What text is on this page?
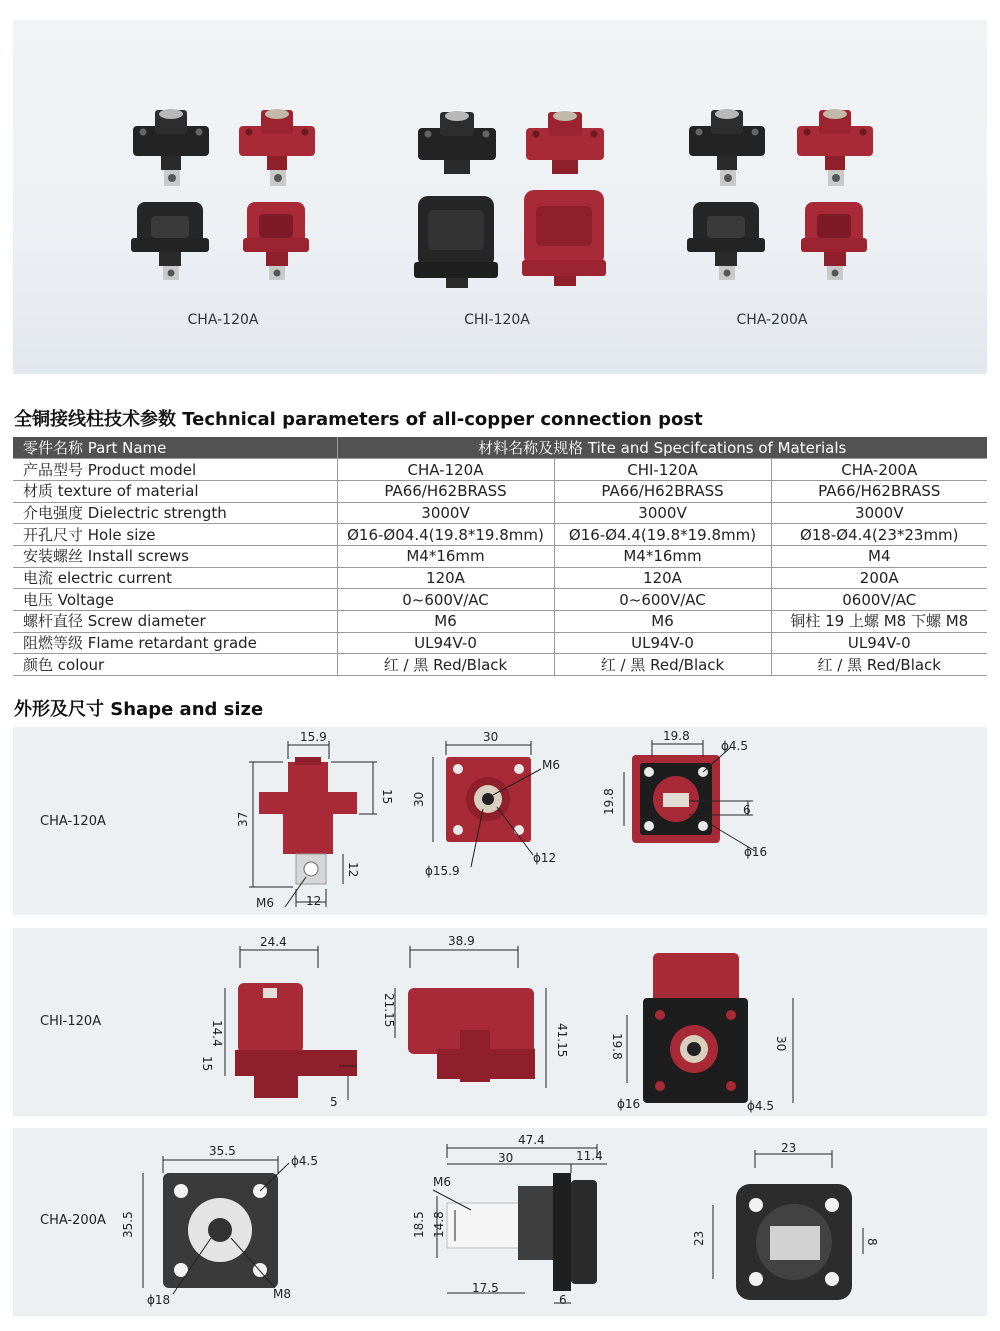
CHA-120A	CHI-120A	CHA-200A
全铜接线柱技术参数 Technical parameters of all-copper connection post
零件名称 Part Name	材料名称及规格 Tite and Specifcations of Materials		
产品型号 Product model	CHA-120A	CHI-120A	CHA-200A
材质 texture of material	PA66/H62BRASS	PA66/H62BRASS	PA66/H62BRASS
介电强度 Dielectric strength	3000V	3000V	3000V
开孔尺寸 Hole size	Ø16-Ø04.4(19.8*19.8mm)	Ø16-Ø4.4(19.8*19.8mm)	Ø18-Ø4.4(23*23mm)
安装螺丝 Install screws	M4*16mm	M4*16mm	M4
电流 electric current	120A	120A	200A
电压 Voltage	0~600V/AC	0~600V/AC	0600V/AC
螺杆直径 Screw diameter	M6	M6	铜柱 19 上螺 M8 下螺 M8
阻燃等级 Flame retardant grade	UL94V-0	UL94V-0	UL94V-0
颜色 colour	红 / 黑 Red/Black	红 / 黑 Red/Black	红 / 黑 Red/Black
外形及尺寸 Shape and size
CHA-120A
15.9
15
37
12
12
M6
30
M6
30
ϕ15.9
ϕ12
19.8
ϕ4.5
19.8	6
ϕ16
CHI-120A
24.4
14.4
15
5
38.9
21.15
41.15	19.8	30
ϕ16	ϕ4.5
CHA-200A
35.5
ϕ4.5
35.5
ϕ18	M8
47.4
30	11.4
M6
18.5 14.8
17.5
6
23
23	8
